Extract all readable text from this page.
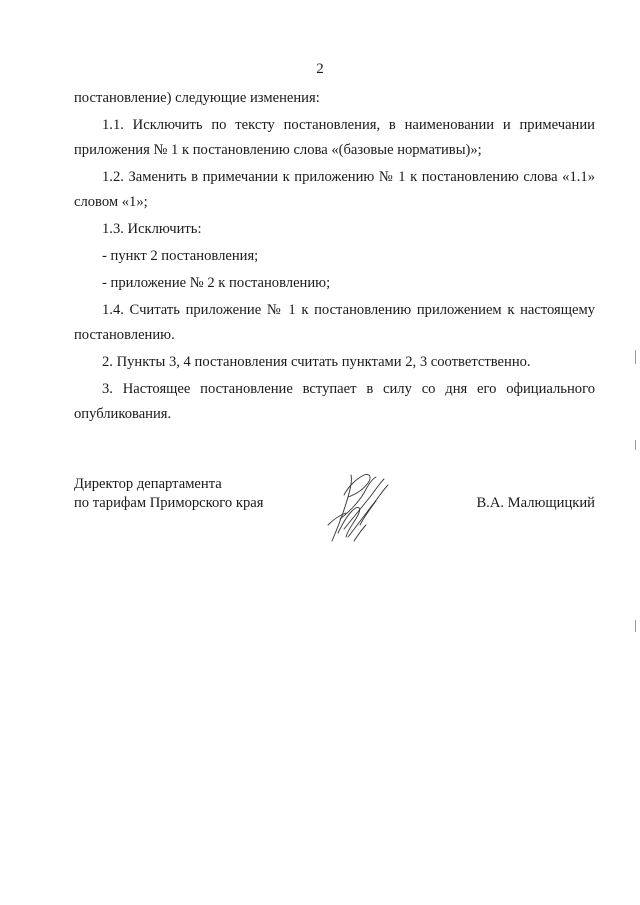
2

постановление) следующие изменения:

1.1. Исключить по тексту постановления, в наименовании и примечании приложения № 1 к постановлению слова «(базовые нормативы)»;

1.2. Заменить в примечании к приложению № 1 к постановлению слова «1.1» словом «1»;

1.3. Исключить:

- пункт 2 постановления;

- приложение № 2 к постановлению;

1.4. Считать приложение № 1 к постановлению приложением к настоящему постановлению.

2. Пункты 3, 4 постановления считать пунктами 2, 3 соответственно.

3. Настоящее постановление вступает в силу со дня его официального опубликования.

Директор департамента
по тарифам Приморского края	В.А. Малющицкий
